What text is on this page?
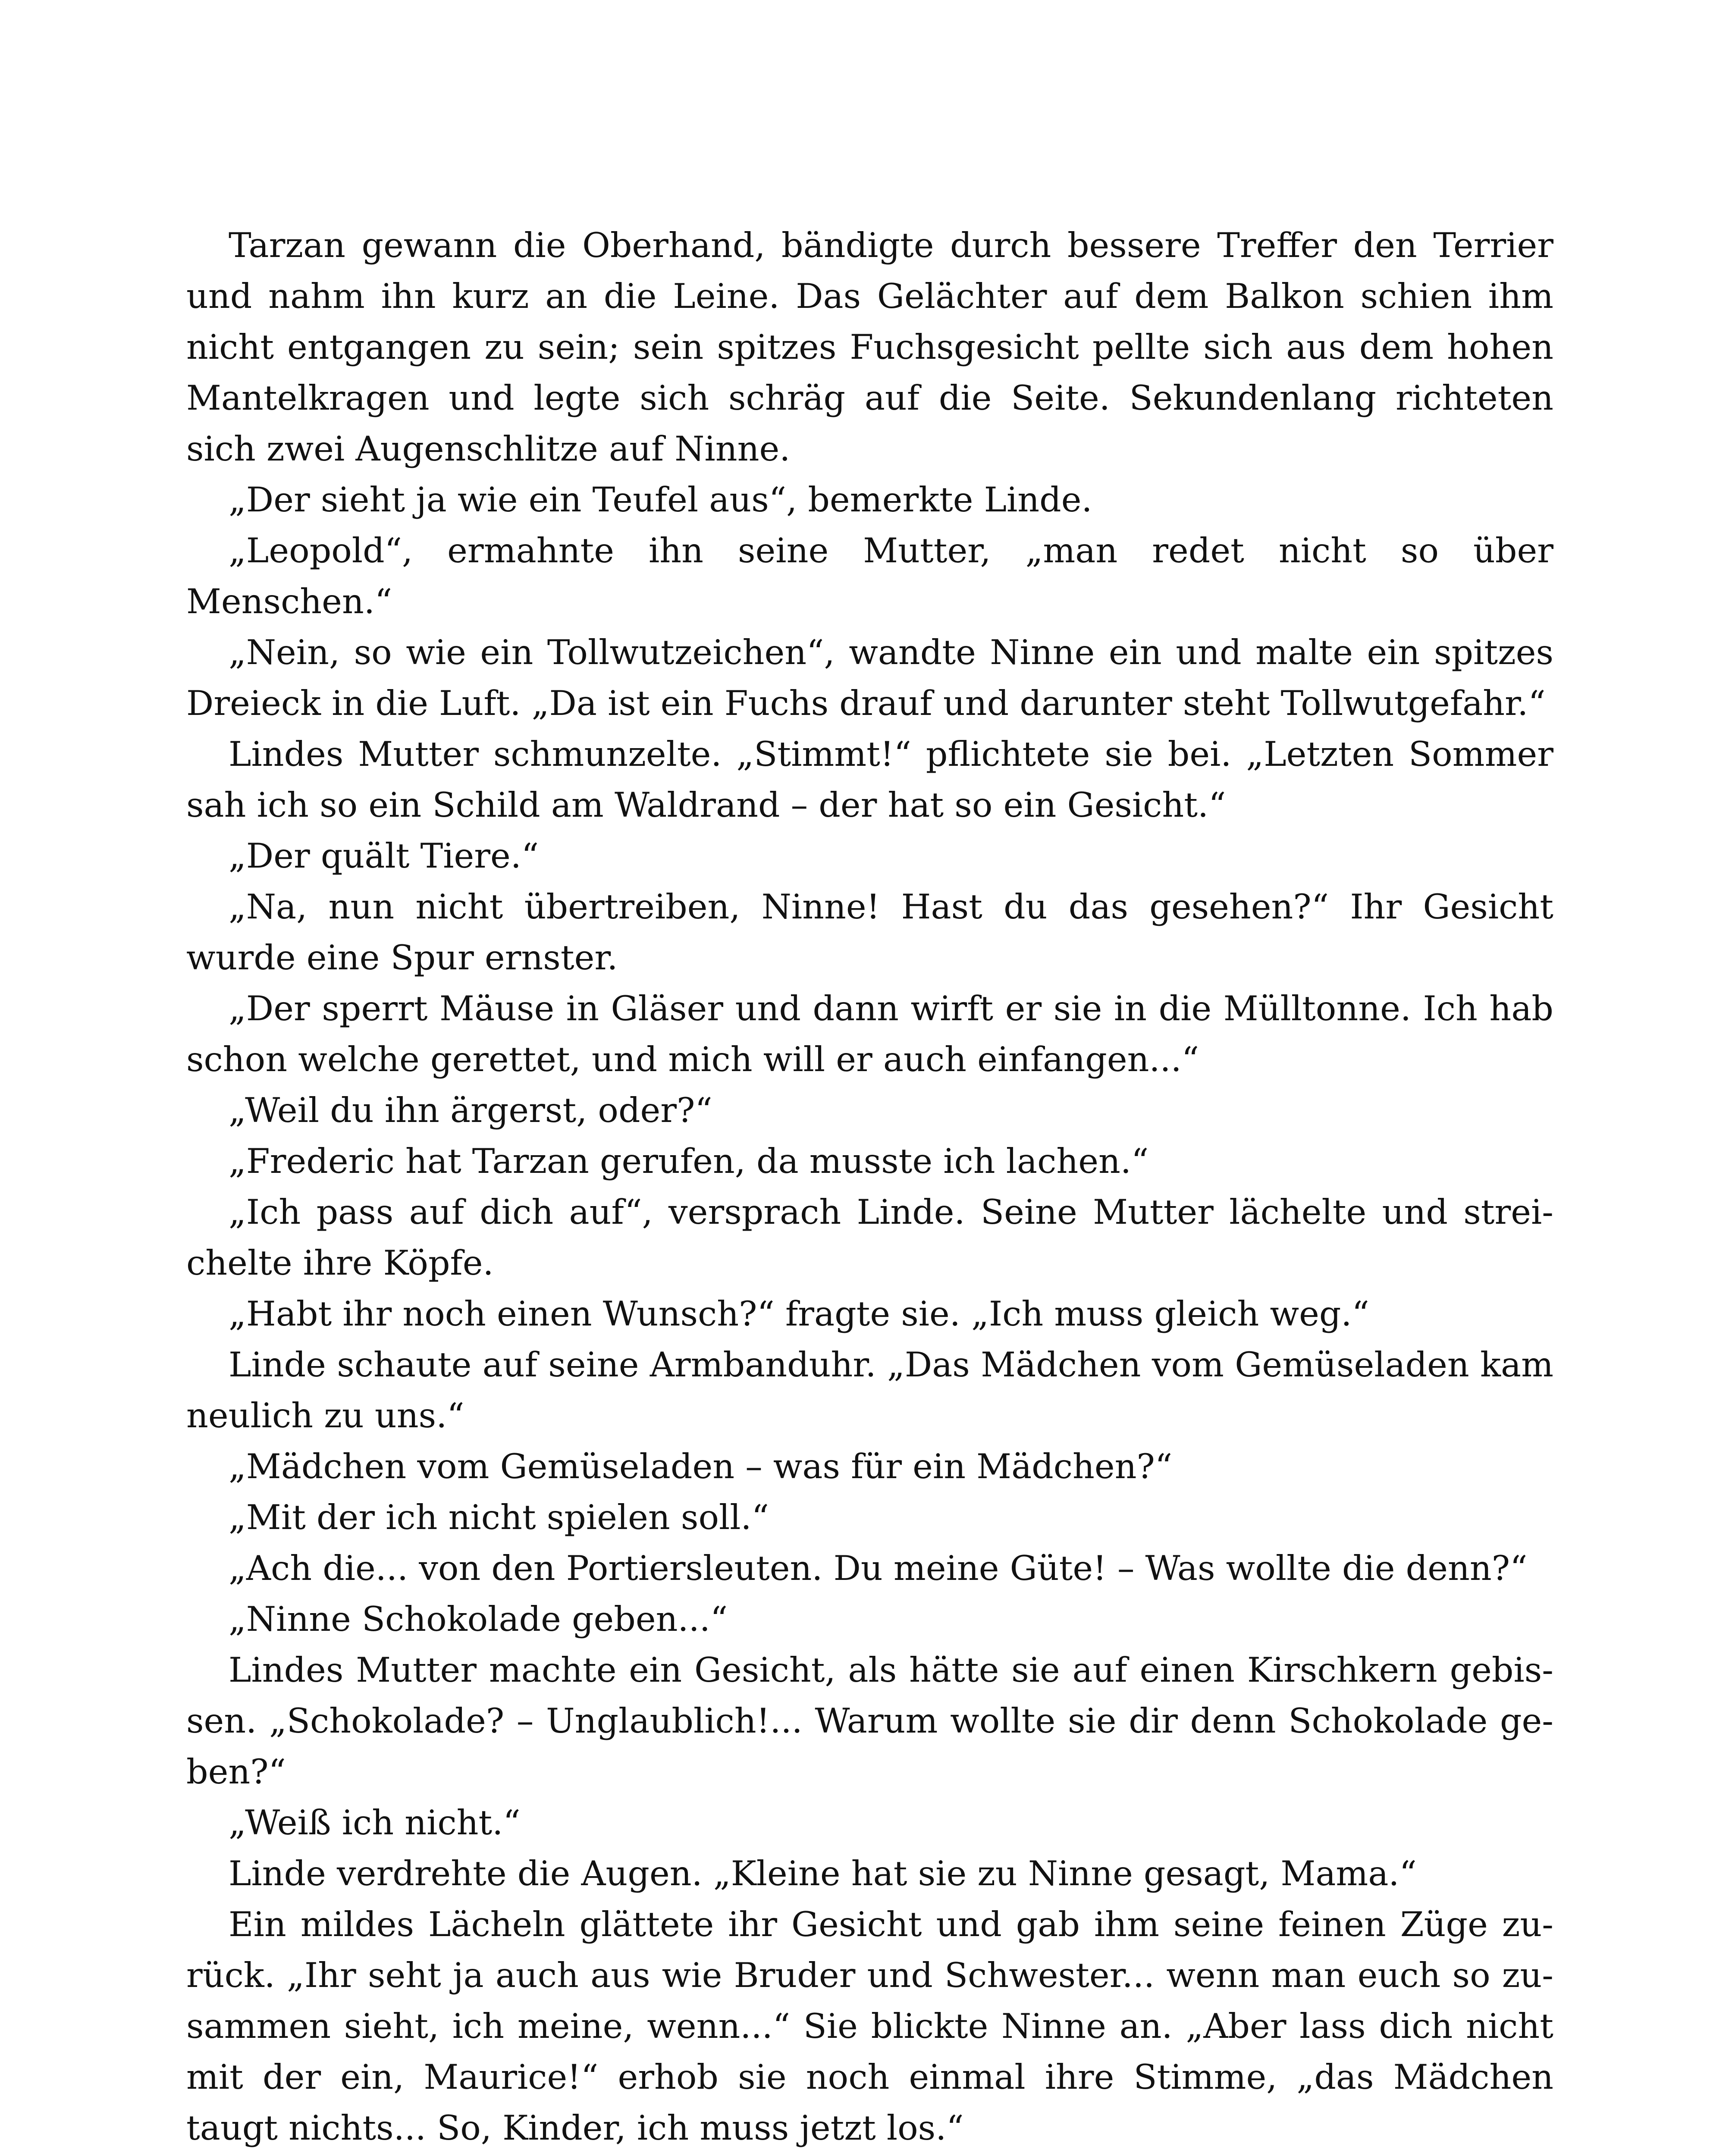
Tarzan gewann die Oberhand, bändigte durch bessere Treffer den Terrier und nahm ihn kurz an die Leine. Das Gelächter auf dem Balkon schien ihm nicht entgangen zu sein; sein spitzes Fuchsgesicht pellte sich aus dem hohen Mantelkragen und legte sich schräg auf die Seite. Sekundenlang richteten sich zwei Augenschlitze auf Ninne.

„Der sieht ja wie ein Teufel aus“, bemerkte Linde.

„Leopold“, ermahnte ihn seine Mutter, „man redet nicht so über Menschen.“

„Nein, so wie ein Tollwutzeichen“, wandte Ninne ein und malte ein spitzes Dreieck in die Luft. „Da ist ein Fuchs drauf und darunter steht Tollwutgefahr.“

Lindes Mutter schmunzelte. „Stimmt!“ pflichtete sie bei. „Letzten Sommer sah ich so ein Schild am Waldrand – der hat so ein Gesicht.“

„Der quält Tiere.“

„Na, nun nicht übertreiben, Ninne! Hast du das gesehen?“ Ihr Gesicht wurde eine Spur ernster.

„Der sperrt Mäuse in Gläser und dann wirft er sie in die Mülltonne. Ich hab schon welche gerettet, und mich will er auch einfangen...“

„Weil du ihn ärgerst, oder?“

„Frederic hat Tarzan gerufen, da musste ich lachen.“

„Ich pass auf dich auf“, versprach Linde. Seine Mutter lächelte und streichelte ihre Köpfe.

„Habt ihr noch einen Wunsch?“ fragte sie. „Ich muss gleich weg.“

Linde schaute auf seine Armbanduhr. „Das Mädchen vom Gemüseladen kam neulich zu uns.“

„Mädchen vom Gemüseladen – was für ein Mädchen?“

„Mit der ich nicht spielen soll.“

„Ach die... von den Portiersleuten. Du meine Güte! – Was wollte die denn?“

„Ninne Schokolade geben...“

Lindes Mutter machte ein Gesicht, als hätte sie auf einen Kirschkern gebissen. „Schokolade? – Unglaublich!... Warum wollte sie dir denn Schokolade geben?“

„Weiß ich nicht.“

Linde verdrehte die Augen. „Kleine hat sie zu Ninne gesagt, Mama.“

Ein mildes Lächeln glättete ihr Gesicht und gab ihm seine feinen Züge zurück. „Ihr seht ja auch aus wie Bruder und Schwester... wenn man euch so zusammen sieht, ich meine, wenn...“ Sie blickte Ninne an. „Aber lass dich nicht mit der ein, Maurice!“ erhob sie noch einmal ihre Stimme, „das Mädchen taugt nichts... So, Kinder, ich muss jetzt los.“
